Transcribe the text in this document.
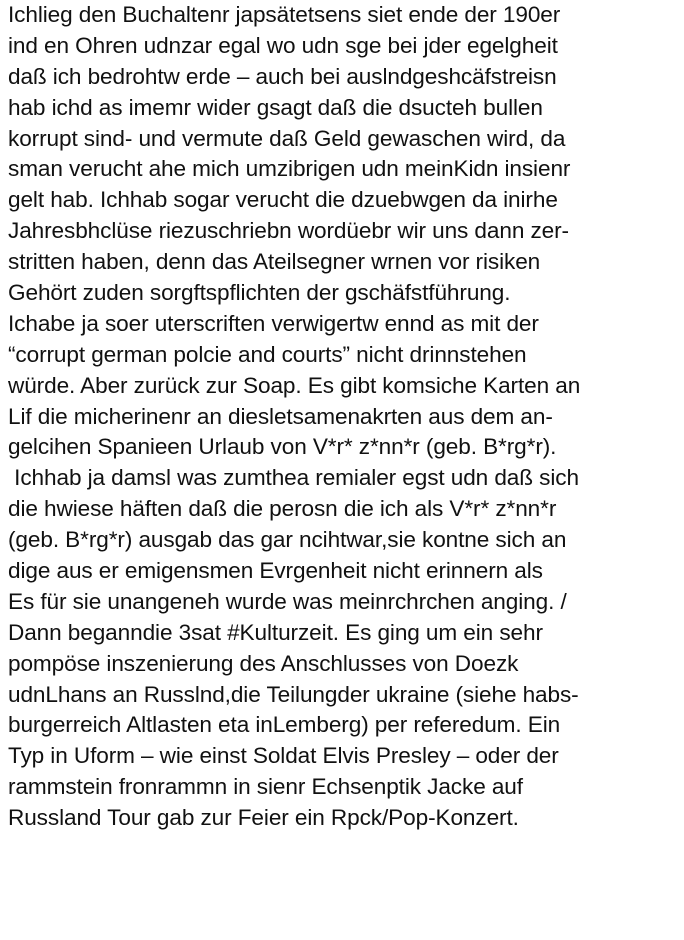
Ichlieg den Buchaltenr japsätetsens siet ende der 190er
ind en Ohren udnzar egal wo udn sge bei jder egelgheit
daß ich bedrohtw erde – auch bei auslndgeshcäfstreisn
hab ichd as imemr wider gsagt daß die dsucteh bullen
korrupt sind- und vermute daß Geld gewaschen wird, da
sman verucht ahe mich umzibrigen udn meinKidn insienr
gelt hab. Ichhab sogar verucht die dzuebwgen da inirhe
Jahresbhclüse riezuschriebn wordüebr wir uns dann zer-
stritten haben, denn das Ateilsegner wrnen vor risiken
Gehört zuden sorgftspflichten der gschäfstführung.
Ichabe ja soer uterscriften verwigertw ennd as mit der
“corrupt german polcie and courts” nicht drinnstehen
würde. Aber zurück zur Soap. Es gibt komsiche Karten an
Lif die micherinenr an diesletsamenakrten aus dem an-
gelcihen Spanieen Urlaub von V*r* z*nn*r (geb. B*rg*r).
Ichhab ja damsl was zumthea remialer egst udn daß sich
die hwiese häften daß die perosn die ich als V*r* z*nn*r
(geb. B*rg*r) ausgab das gar ncihtwar,sie kontne sich an
dige aus er emigensmen Evrgenheit nicht erinnern als
Es für sie unangeneh wurde was meinrchrchen anging. /
Dann beganndie 3sat #Kulturzeit. Es ging um ein sehr
pompöse inszenierung des Anschlusses von Doezk
udnLhans an Russlnd,die Teilungder ukraine (siehe habs-
burgerreich Altlasten eta inLemberg) per referedum. Ein
Typ in Uform – wie einst Soldat Elvis Presley – oder der
rammstein fronrammn in sienr Echsenptik Jacke auf
Russland Tour gab zur Feier ein Rpck/Pop-Konzert.
